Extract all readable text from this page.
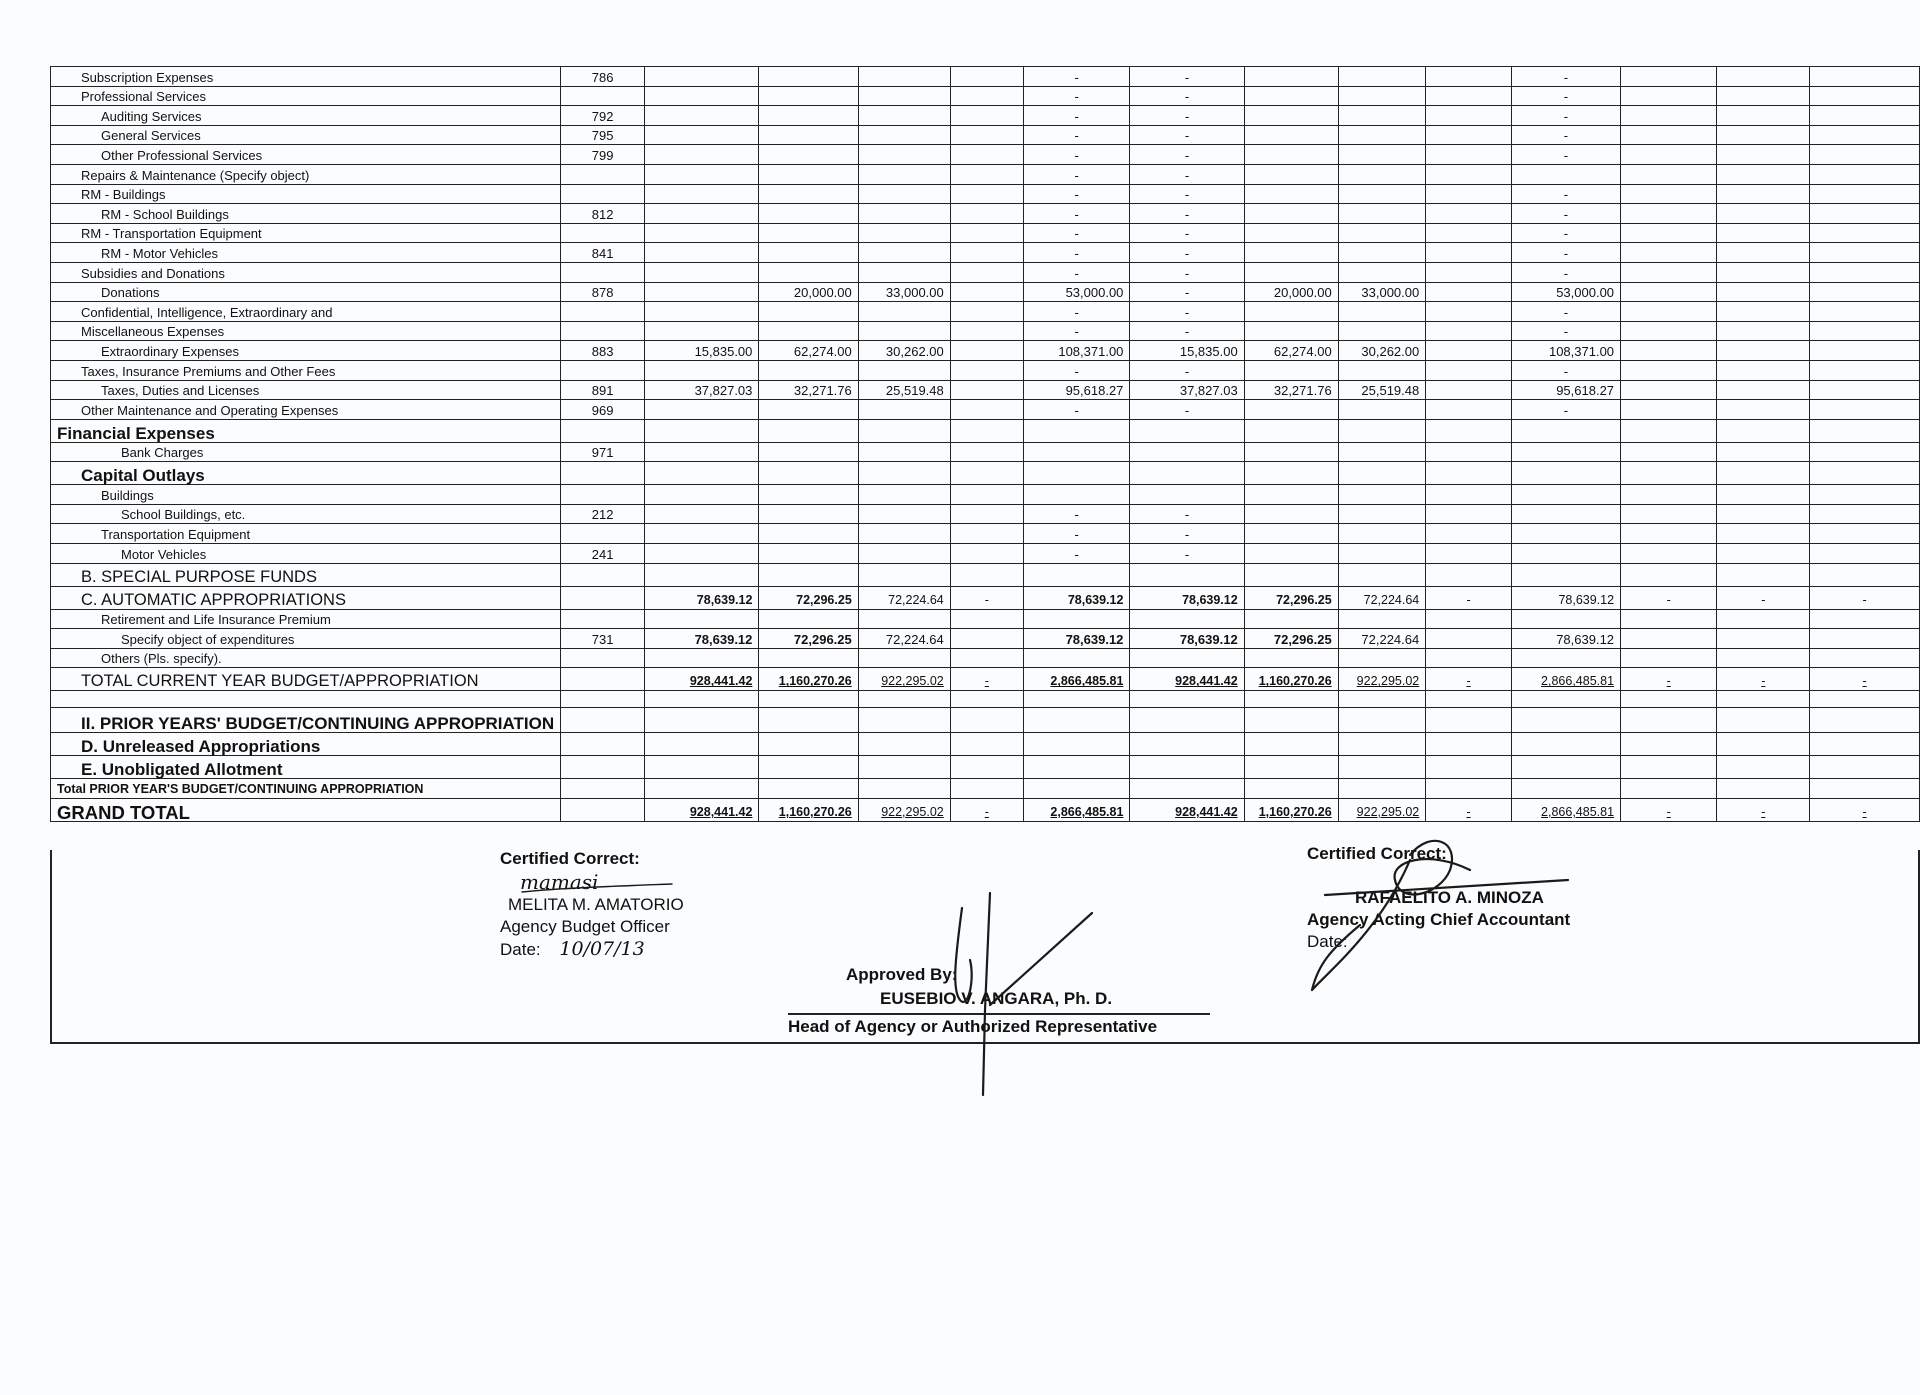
Subscription Expenses	786					-	-				-			
Professional Services						-	-				-			
Auditing Services	792					-	-				-			
General Services	795					-	-				-			
Other Professional Services	799					-	-				-			
Repairs & Maintenance (Specify object)						-	-							
RM - Buildings						-	-				-			
RM - School Buildings	812					-	-				-			
RM - Transportation Equipment						-	-				-			
RM - Motor Vehicles	841					-	-				-			
Subsidies and Donations						-	-				-			
Donations	878		20,000.00	33,000.00		53,000.00	-	20,000.00	33,000.00		53,000.00			
Confidential, Intelligence, Extraordinary and						-	-				-			
Miscellaneous Expenses						-	-				-			
Extraordinary Expenses	883	15,835.00	62,274.00	30,262.00		108,371.00	15,835.00	62,274.00	30,262.00		108,371.00			
Taxes, Insurance Premiums and Other Fees						-	-				-			
Taxes, Duties and Licenses	891	37,827.03	32,271.76	25,519.48		95,618.27	37,827.03	32,271.76	25,519.48		95,618.27			
Other Maintenance and Operating Expenses	969					-	-				-			
Financial Expenses														
Bank Charges	971													
Capital Outlays														
Buildings														
School Buildings, etc.	212					-	-							
Transportation Equipment						-	-							
Motor Vehicles	241					-	-							
B. SPECIAL PURPOSE FUNDS														
C. AUTOMATIC APPROPRIATIONS		78,639.12	72,296.25	72,224.64	-	78,639.12	78,639.12	72,296.25	72,224.64	-	78,639.12	-	-	-
Retirement and Life Insurance Premium														
Specify object of expenditures	731	78,639.12	72,296.25	72,224.64		78,639.12	78,639.12	72,296.25	72,224.64		78,639.12			
Others (Pls. specify).														
TOTAL CURRENT YEAR BUDGET/APPROPRIATION		928,441.42	1,160,270.26	922,295.02	-	2,866,485.81	928,441.42	1,160,270.26	922,295.02	-	2,866,485.81	-	-	-

II. PRIOR YEARS' BUDGET/CONTINUING APPROPRIATION														
D. Unreleased Appropriations														
E. Unobligated Allotment														
Total PRIOR YEAR'S BUDGET/CONTINUING APPROPRIATION														
GRAND TOTAL		928,441.42	1,160,270.26	922,295.02	-	2,866,485.81	928,441.42	1,160,270.26	922,295.02	-	2,866,485.81	-	-	-
Certified Correct:
mamasi
MELITA M. AMATORIO
Agency Budget Officer
Date: 10/07/13
Approved By:
EUSEBIO V. ANGARA, Ph. D.
Head of Agency or Authorized Representative
Certified Correct:
RAFAELITO A. MINOZA
Agency Acting Chief Accountant
Date:
